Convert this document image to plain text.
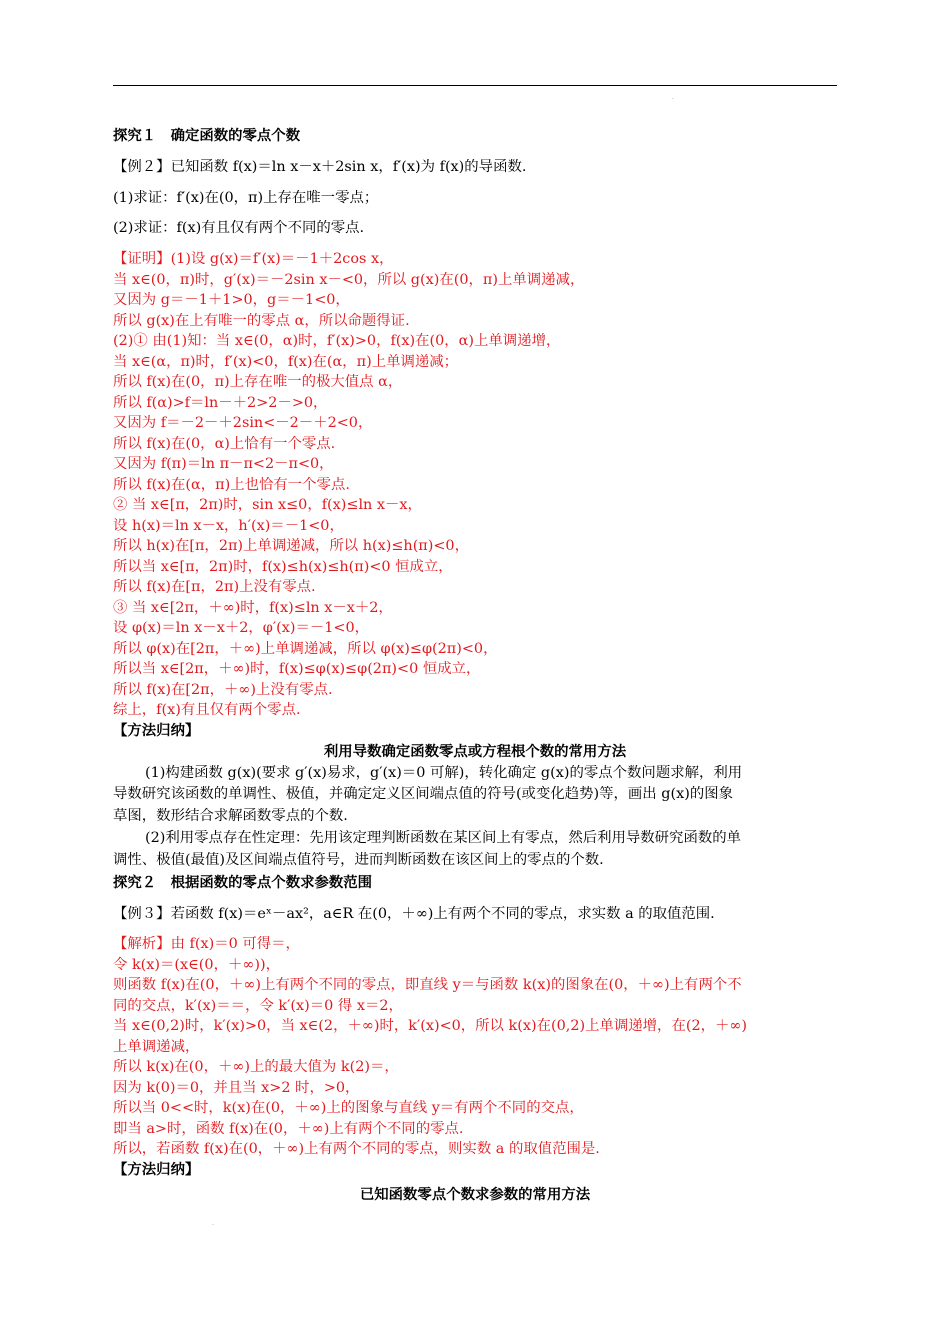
·
·
探究１　确定函数的零点个数
【例２】已知函数 f(x)＝ln x－x＋2sin x，f′(x)为 f(x)的导函数.
(1)求证：f′(x)在(0，π)上存在唯一零点；
(2)求证：f(x)有且仅有两个不同的零点.
【证明】(1)设 g(x)＝f′(x)＝－1＋2cos x，
当 x∈(0，π)时，g′(x)＝－2sin x－<0，所以 g(x)在(0，π)上单调递减，
又因为 g＝－1＋1>0，g＝－1<0，
所以 g(x)在上有唯一的零点 α，所以命题得证.
(2)① 由(1)知：当 x∈(0，α)时，f′(x)>0，f(x)在(0，α)上单调递增，
当 x∈(α，π)时，f′(x)<0，f(x)在(α，π)上单调递减；
所以 f(x)在(0，π)上存在唯一的极大值点 α，
所以 f(α)>f＝ln－＋2>2－>0，
又因为 f＝－2－＋2sin<－2－＋2<0，
所以 f(x)在(0，α)上恰有一个零点.
又因为 f(π)＝ln π－π<2－π<0，
所以 f(x)在(α，π)上也恰有一个零点.
② 当 x∈[π，2π)时，sin x≤0，f(x)≤ln x－x，
设 h(x)＝ln x－x，h′(x)＝－1<0，
所以 h(x)在[π，2π)上单调递减，所以 h(x)≤h(π)<0，
所以当 x∈[π，2π)时，f(x)≤h(x)≤h(π)<0 恒成立，
所以 f(x)在[π，2π)上没有零点.
③ 当 x∈[2π，＋∞)时，f(x)≤ln x－x＋2，
设 φ(x)＝ln x－x＋2，φ′(x)＝－1<0，
所以 φ(x)在[2π，＋∞)上单调递减，所以 φ(x)≤φ(2π)<0，
所以当 x∈[2π，＋∞)时，f(x)≤φ(x)≤φ(2π)<0 恒成立，
所以 f(x)在[2π，＋∞)上没有零点.
综上，f(x)有且仅有两个零点.
【方法归纳】
利用导数确定函数零点或方程根个数的常用方法
(1)构建函数 g(x)(要求 g′(x)易求，g′(x)＝0 可解)，转化确定 g(x)的零点个数问题求解，利用
导数研究该函数的单调性、极值，并确定定义区间端点值的符号(或变化趋势)等，画出 g(x)的图象
草图，数形结合求解函数零点的个数.
(2)利用零点存在性定理：先用该定理判断函数在某区间上有零点，然后利用导数研究函数的单
调性、极值(最值)及区间端点值符号，进而判断函数在该区间上的零点的个数.
探究２　根据函数的零点个数求参数范围
【例３】若函数 f(x)＝eˣ－ax²，a∈R 在(0，＋∞)上有两个不同的零点，求实数 a 的取值范围.
【解析】由 f(x)＝0 可得＝，
令 k(x)＝(x∈(0，＋∞))，
则函数 f(x)在(0，＋∞)上有两个不同的零点，即直线 y＝与函数 k(x)的图象在(0，＋∞)上有两个不
同的交点，k′(x)＝＝，令 k′(x)＝0 得 x＝2，
当 x∈(0,2)时，k′(x)>0，当 x∈(2，＋∞)时，k′(x)<0，所以 k(x)在(0,2)上单调递增，在(2，＋∞)
上单调递减，
所以 k(x)在(0，＋∞)上的最大值为 k(2)＝，
因为 k(0)＝0，并且当 x>2 时，>0，
所以当 0<<时，k(x)在(0，＋∞)上的图象与直线 y＝有两个不同的交点，
即当 a>时，函数 f(x)在(0，＋∞)上有两个不同的零点.
所以，若函数 f(x)在(0，＋∞)上有两个不同的零点，则实数 a 的取值范围是.
【方法归纳】
已知函数零点个数求参数的常用方法
